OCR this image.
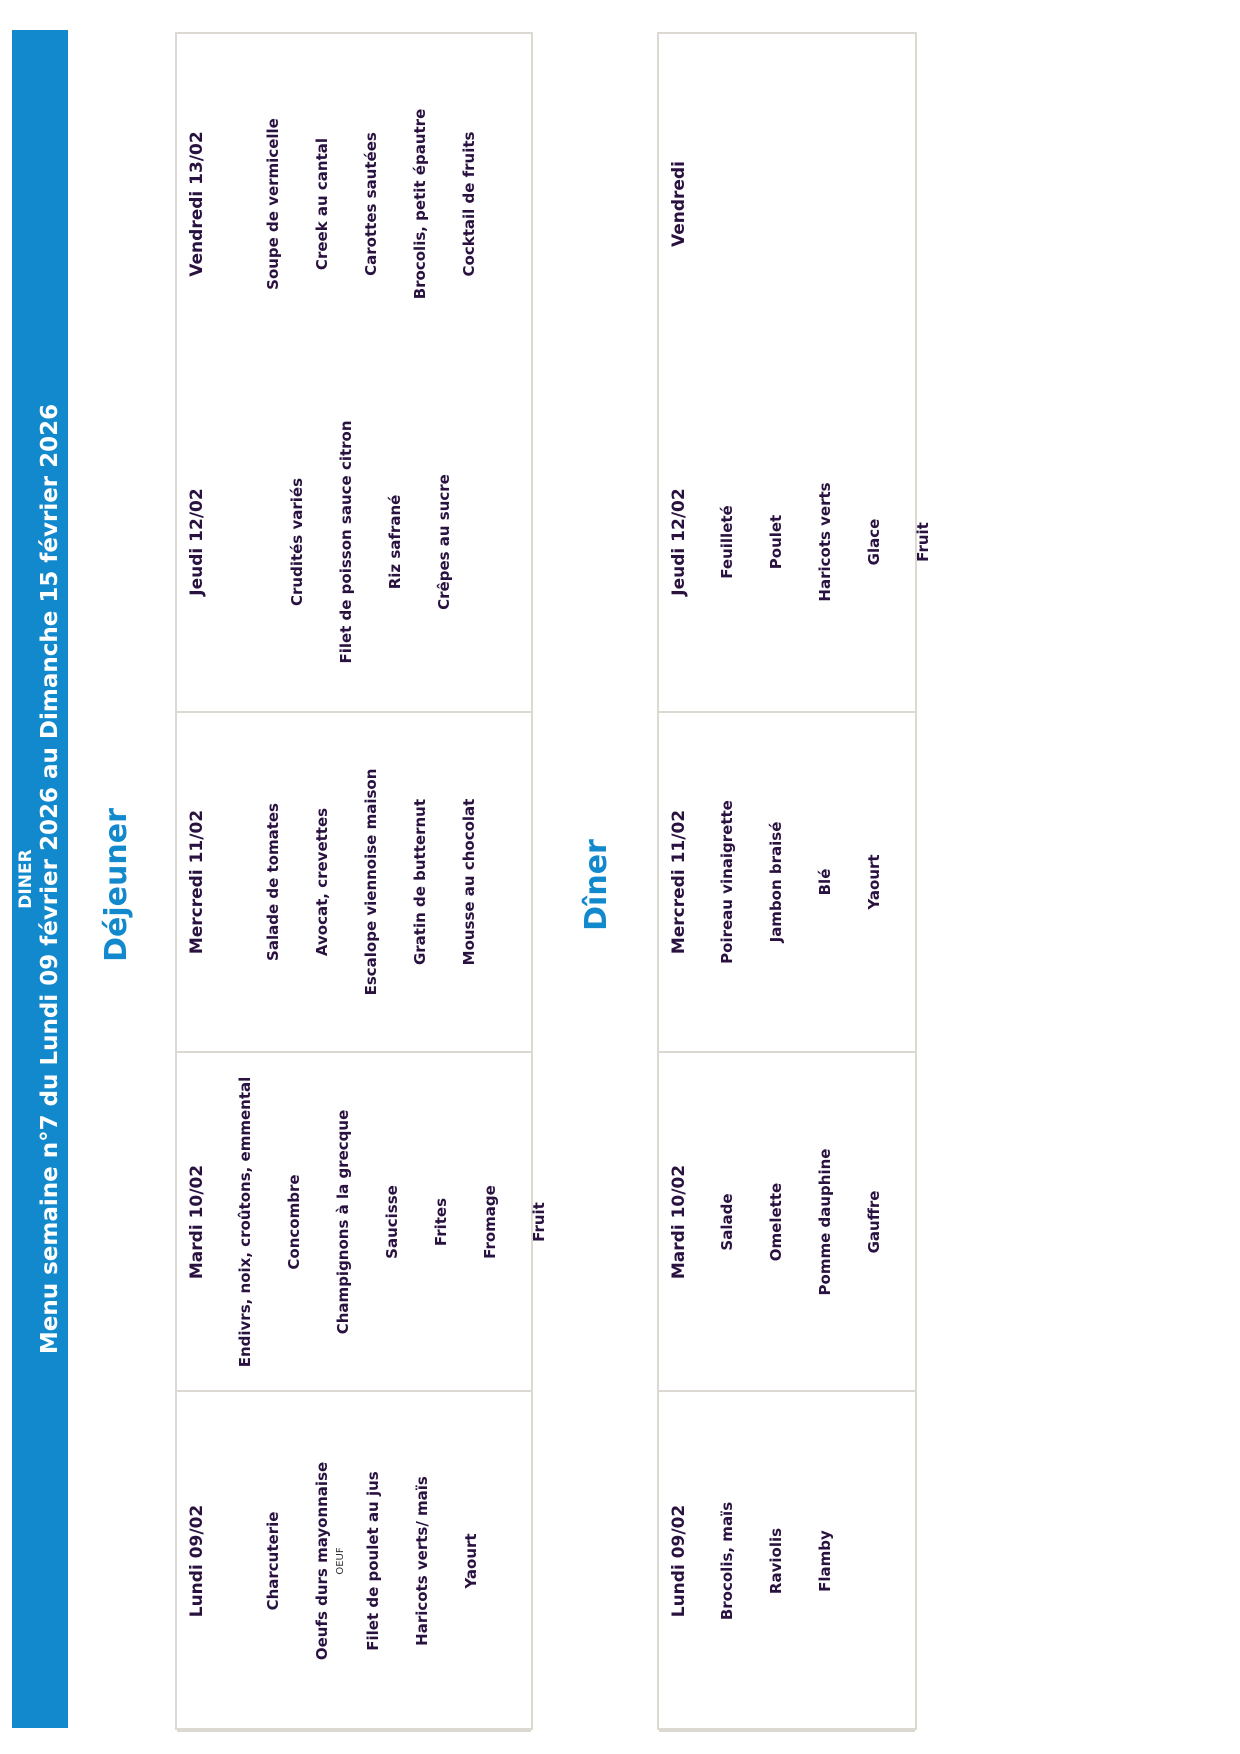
DINER Menu semaine n°7 du Lundi 09 février 2026 au Dimanche 15 février 2026 Déjeuner	Dîner
Lundi 09/02	Charcuterie	Oeufs durs mayonnaise OEUF	Filet de poulet au jus	Haricots verts/ maïs	Yaourt
Mardi 10/02	Endivrs, noix, croûtons, emmental	Concombre	Champignons à la grecque	Saucisse	Frites	Fromage	Fruit
Mercredi 11/02	Salade de tomates	Avocat, crevettes	Escalope viennoise maison	Gratin de butternut	Mousse au chocolat
Jeudi 12/02	Crudités variés	Filet de poisson sauce citron	Riz safrané	Crêpes au sucre
Vendredi 13/02	Soupe de vermicelle	Creek au cantal	Carottes sautées	Brocolis, petit épautre	Cocktail de fruits
Lundi 09/02	Brocolis, maïs	Raviolis	Flamby
Mardi 10/02	Salade	Omelette	Pomme dauphine	Gauffre
Mercredi 11/02	Poireau vinaigrette	Jambon braisé	Blé	Yaourt
Jeudi 12/02	Feuilleté	Poulet	Haricots verts	Glace	Fruit
Vendredi
